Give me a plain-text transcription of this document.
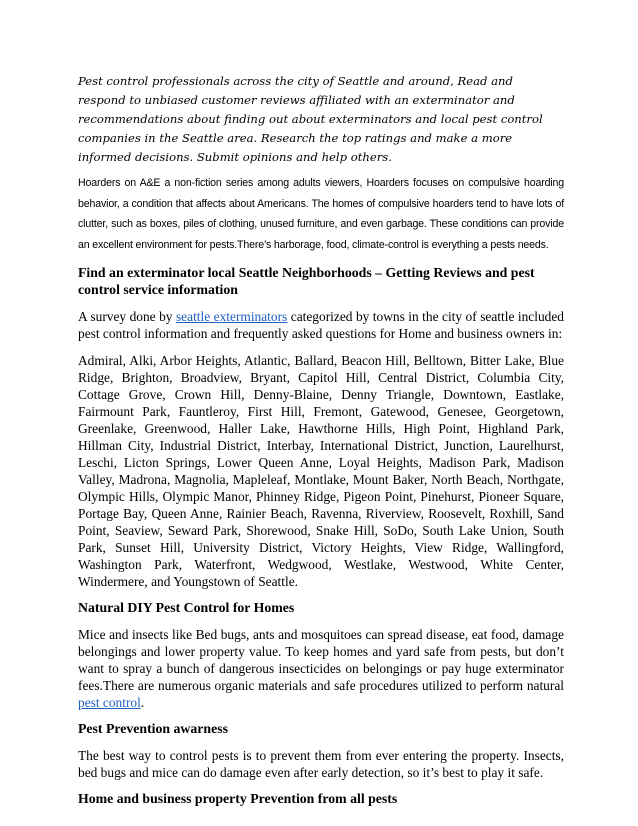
Pest control professionals across the city of Seattle and around, Read and respond to unbiased customer reviews affiliated with an exterminator and recommendations about finding out about exterminators and local pest control companies in the Seattle area. Research the top ratings and make a more informed decisions. Submit opinions and help others.

Hoarders on A&E a non-fiction series among adults viewers, Hoarders focuses on compulsive hoarding behavior, a condition that affects about Americans. The homes of compulsive hoarders tend to have lots of clutter, such as boxes, piles of clothing, unused furniture, and even garbage. These conditions can provide an excellent environment for pests.There’s harborage, food, climate-control is everything a pests needs.

Find an exterminator local Seattle Neighborhoods – Getting Reviews and pest control service information

A survey done by seattle exterminators categorized by towns in the city of seattle included pest control information and frequently asked questions for Home and business owners in:

Admiral, Alki, Arbor Heights, Atlantic, Ballard, Beacon Hill, Belltown, Bitter Lake, Blue Ridge, Brighton, Broadview, Bryant, Capitol Hill, Central District, Columbia City, Cottage Grove, Crown Hill, Denny-Blaine, Denny Triangle, Downtown, Eastlake, Fairmount Park, Fauntleroy, First Hill, Fremont, Gatewood, Genesee, Georgetown, Greenlake, Greenwood, Haller Lake, Hawthorne Hills, High Point, Highland Park, Hillman City, Industrial District, Interbay, International District, Junction, Laurelhurst, Leschi, Licton Springs, Lower Queen Anne, Loyal Heights, Madison Park, Madison Valley, Madrona, Magnolia, Mapleleaf, Montlake, Mount Baker, North Beach, Northgate, Olympic Hills, Olympic Manor, Phinney Ridge, Pigeon Point, Pinehurst, Pioneer Square, Portage Bay, Queen Anne, Rainier Beach, Ravenna, Riverview, Roosevelt, Roxhill, Sand Point, Seaview, Seward Park, Shorewood, Snake Hill, SoDo, South Lake Union, South Park, Sunset Hill, University District, Victory Heights, View Ridge, Wallingford, Washington Park, Waterfront, Wedgwood, Westlake, Westwood, White Center, Windermere, and Youngstown of Seattle.

Natural DIY Pest Control for Homes

Mice and insects like Bed bugs, ants and mosquitoes can spread disease, eat food, damage belongings and lower property value. To keep homes and yard safe from pests, but don’t want to spray a bunch of dangerous insecticides on belongings or pay huge exterminator fees.There are numerous organic materials and safe procedures utilized to perform natural pest control.

Pest Prevention awarness

The best way to control pests is to prevent them from ever entering the property. Insects, bed bugs and mice can do damage even after early detection, so it’s best to play it safe.

Home and business property Prevention from all pests
